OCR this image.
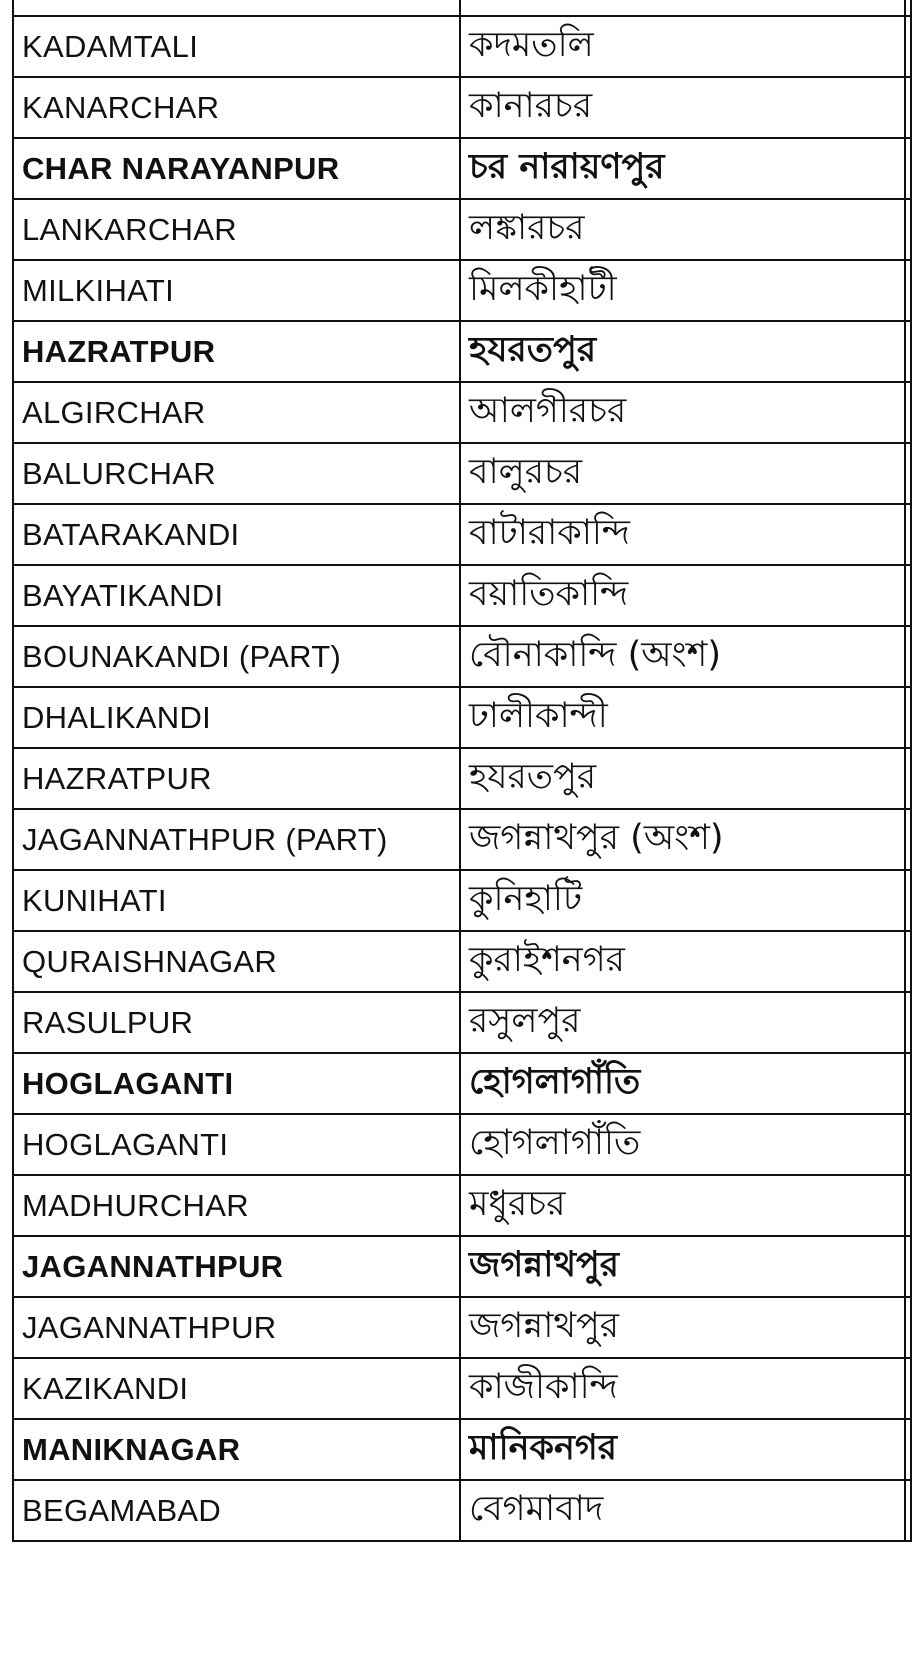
KADAMTALI	কদমতলি	
KANARCHAR	কানারচর	
CHAR NARAYANPUR	চর নারায়ণপুর	
LANKARCHAR	লঙ্কারচর	
MILKIHATI	মিলকীহাটী	
HAZRATPUR	হযরতপুর	
ALGIRCHAR	আলগীরচর	
BALURCHAR	বালুরচর	
BATARAKANDI	বাটারাকান্দি	
BAYATIKANDI	বয়াতিকান্দি	
BOUNAKANDI (PART)	বৌনাকান্দি (অংশ)	
DHALIKANDI	ঢালীকান্দী	
HAZRATPUR	হযরতপুর	
JAGANNATHPUR (PART)	জগন্নাথপুর (অংশ)	
KUNIHATI	কুনিহাটি	
QURAISHNAGAR	কুরাইশনগর	
RASULPUR	রসুলপুর	
HOGLAGANTI	হোগলাগাঁতি	
HOGLAGANTI	হোগলাগাঁতি	
MADHURCHAR	মধুরচর	
JAGANNATHPUR	জগন্নাথপুর	
JAGANNATHPUR	জগন্নাথপুর	
KAZIKANDI	কাজীকান্দি	
MANIKNAGAR	মানিকনগর	
BEGAMABAD	বেগমাবাদ	
